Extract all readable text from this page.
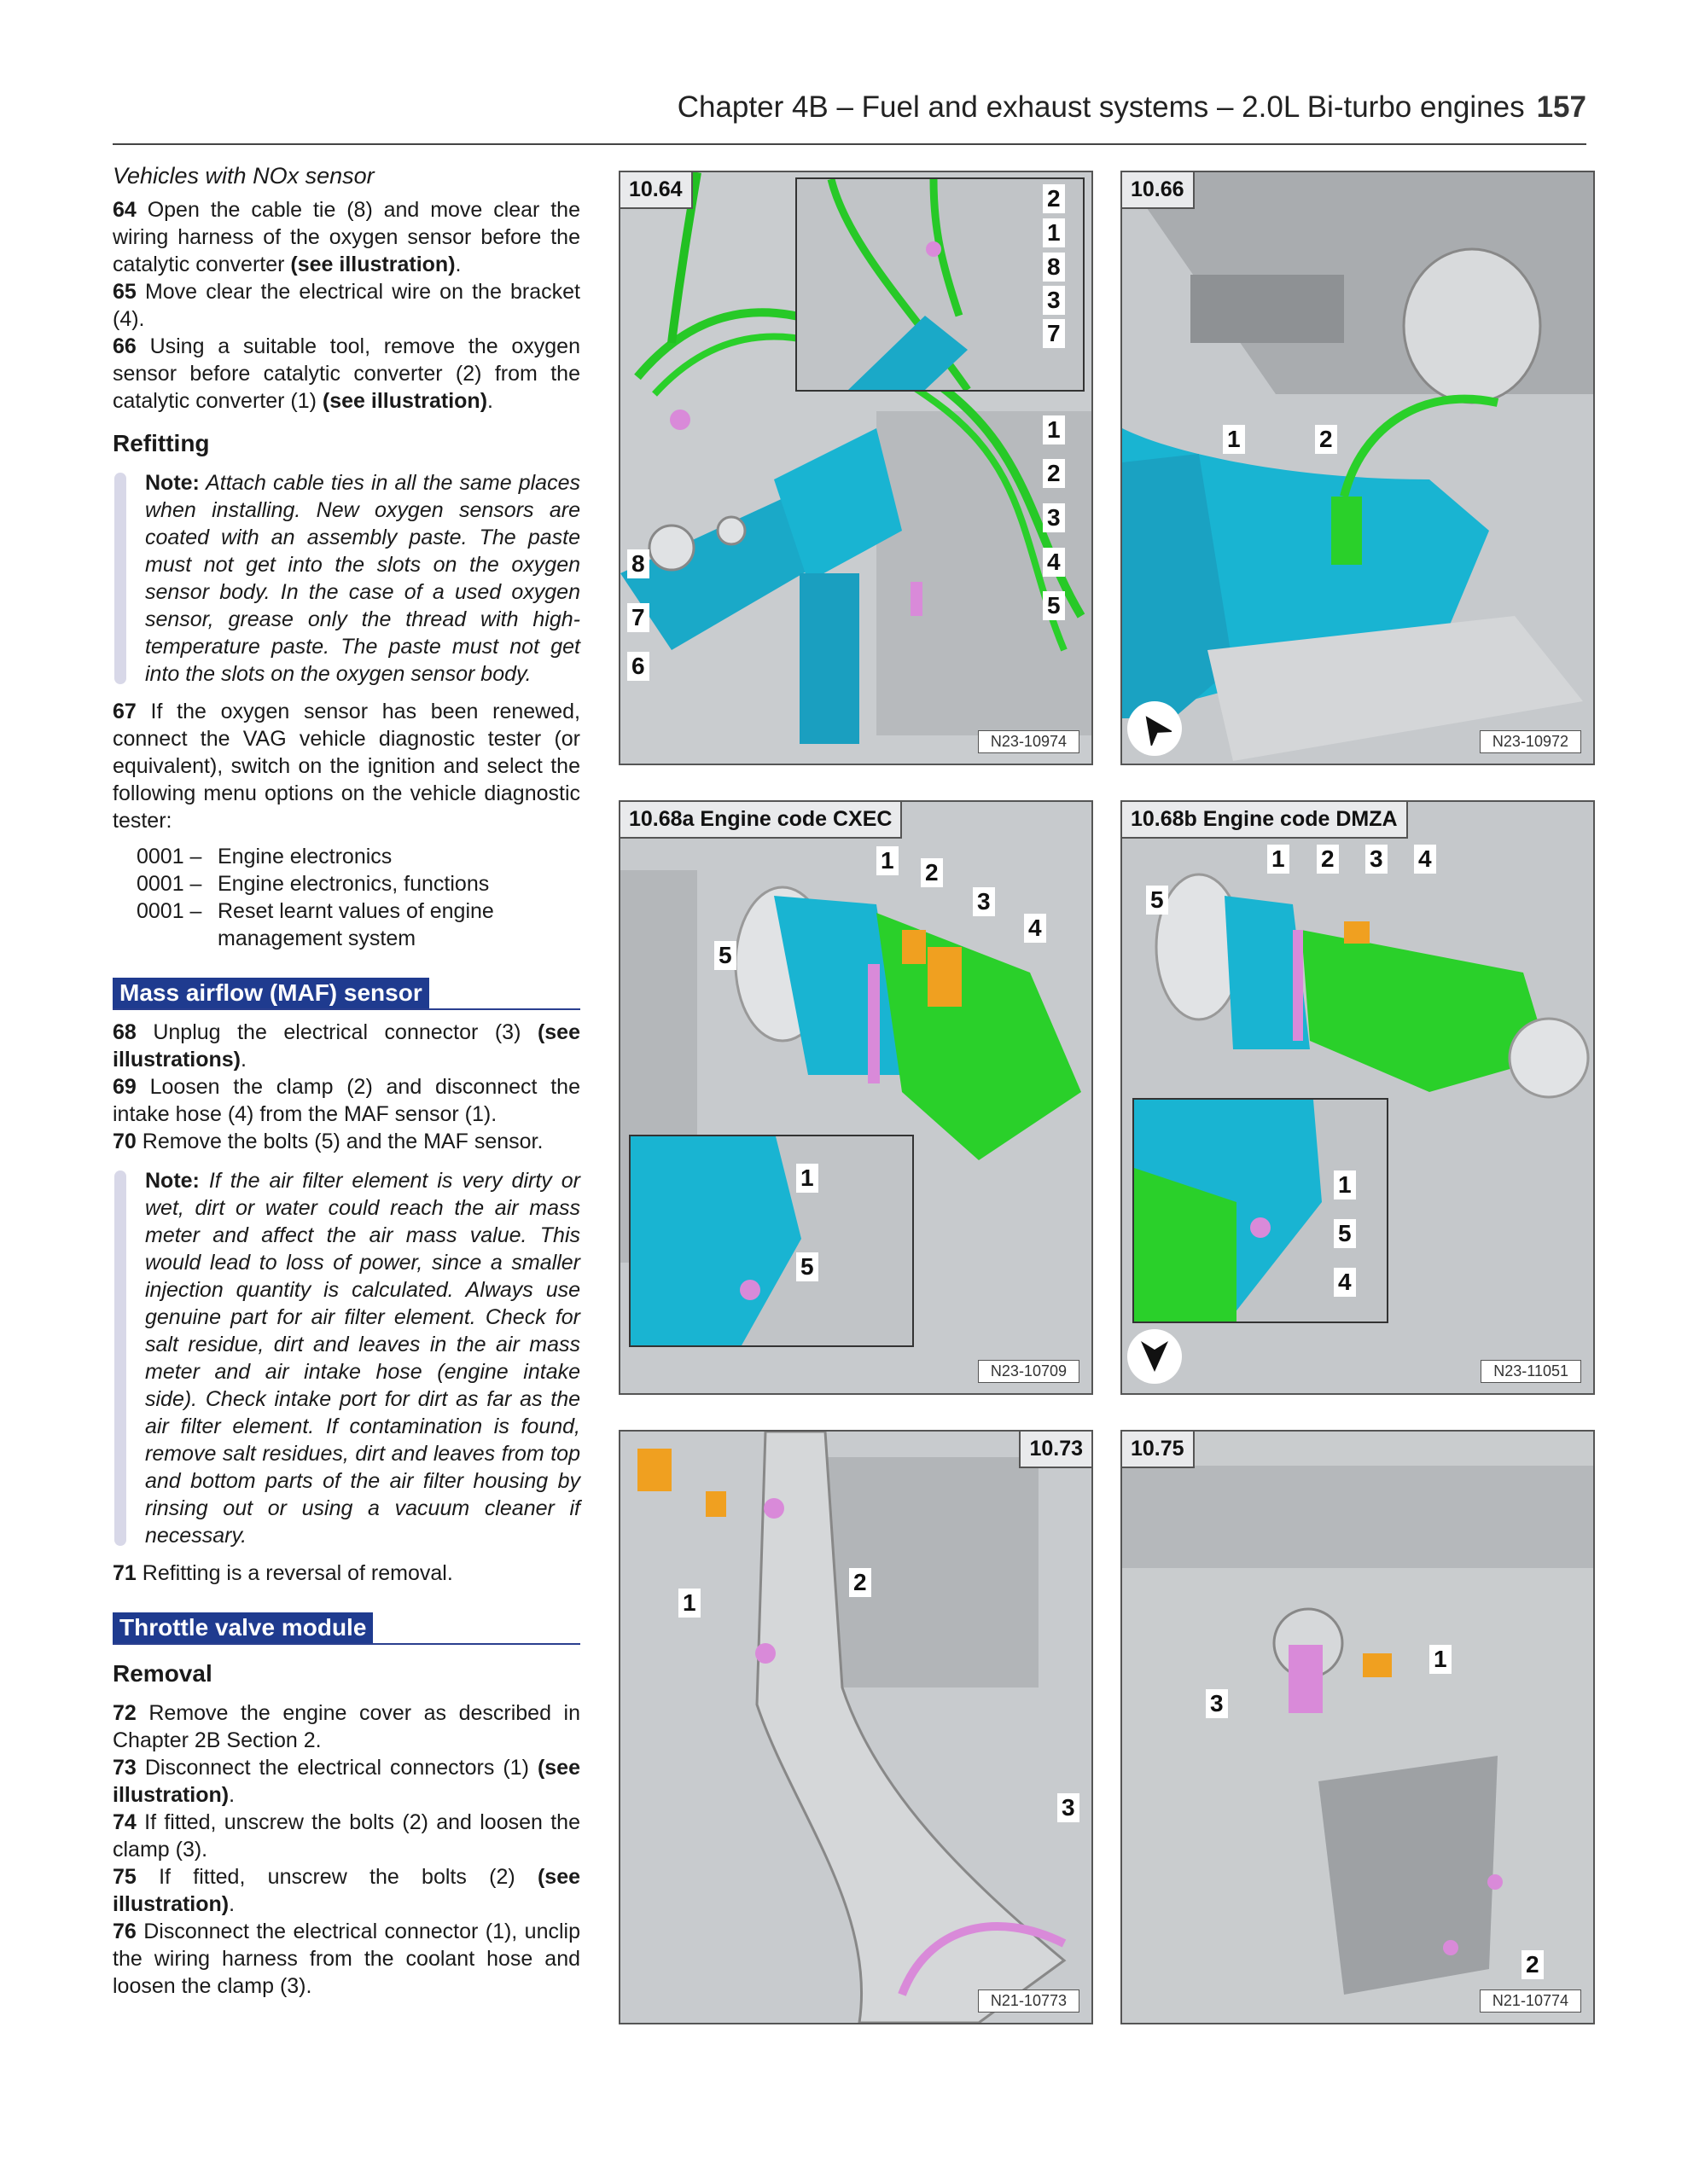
Chapter 4B – Fuel and exhaust systems – 2.0L Bi-turbo engines 157

Vehicles with NOx sensor

64 Open the cable tie (8) and move clear the wiring harness of the oxygen sensor before the catalytic converter (see illustration).

65 Move clear the electrical wire on the bracket (4).

66 Using a suitable tool, remove the oxygen sensor before catalytic converter (2) from the catalytic converter (1) (see illustration).

Refitting

Note: Attach cable ties in all the same places when installing. New oxygen sensors are coated with an assembly paste. The paste must not get into the slots on the oxygen sensor body. In the case of a used oxygen sensor, grease only the thread with high-temperature paste. The paste must not get into the slots on the oxygen sensor body.

67 If the oxygen sensor has been renewed, connect the VAG vehicle diagnostic tester (or equivalent), switch on the ignition and select the following menu options on the vehicle diagnostic tester:

0001 – Engine electronics
0001 – Engine electronics, functions
0001 – Reset learnt values of engine management system
Mass airflow (MAF) sensor

68 Unplug the electrical connector (3) (see illustrations).

69 Loosen the clamp (2) and disconnect the intake hose (4) from the MAF sensor (1).

70 Remove the bolts (5) and the MAF sensor.

Note: If the air filter element is very dirty or wet, dirt or water could reach the air mass meter and affect the air mass value. This would lead to loss of power, since a smaller injection quantity is calculated. Always use genuine part for air filter element. Check for salt residue, dirt and leaves in the air mass meter and air intake hose (engine intake side). Check intake port for dirt as far as the air filter element. If contamination is found, remove salt residues, dirt and leaves from top and bottom parts of the air filter housing by rinsing out or using a vacuum cleaner if necessary.

71 Refitting is a reversal of removal.

Throttle valve module

Removal

72 Remove the engine cover as described in Chapter 2B Section 2.

73 Disconnect the electrical connectors (1) (see illustration).

74 If fitted, unscrew the bolts (2) and loosen the clamp (3).

75 If fitted, unscrew the bolts (2) (see illustration).

76 Disconnect the electrical connector (1), unclip the wiring harness from the coolant hose and loosen the clamp (3).

10.64	2
1
8
3
7
1
2
3
4
5
8
7
6
N23-10974
10.66
1	2
N23-10972
10.68a Engine code CXEC
1 2
3
4
5
1
5
N23-10709
10.68b Engine code DMZA
1 2 3 4
5
1
5
4
N23-11051
10.73
1
2
3
N21-10773
10.75
1
3
2
N21-10774
